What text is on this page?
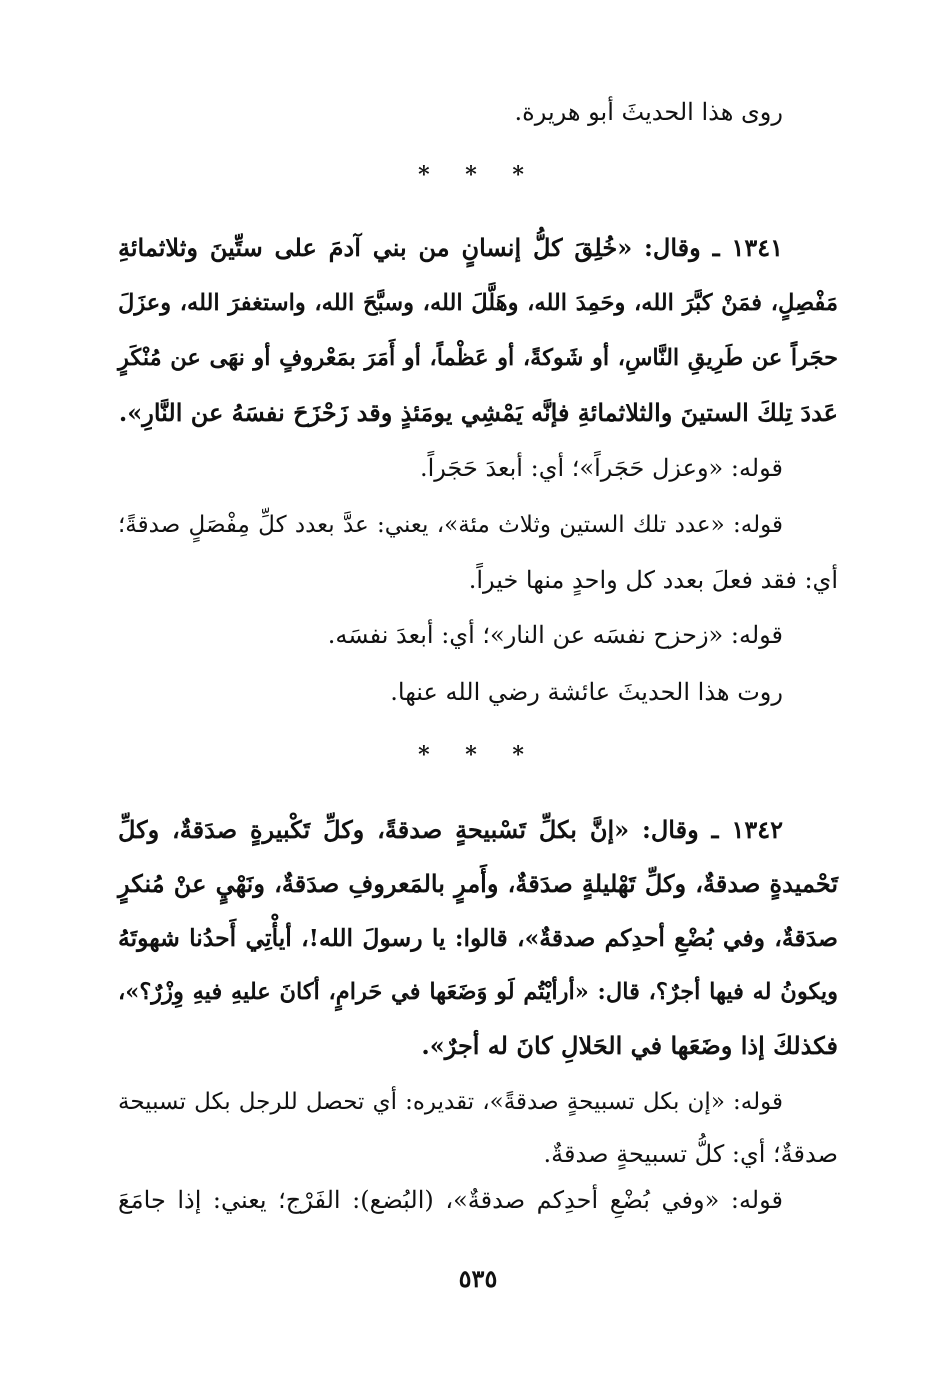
روى هذا الحديثَ أبو هريرة.
* * *
١٣٤١ ـ وقال: «خُلِقَ كلُّ إنسانٍ من بني آدمَ على ستِّينَ وثلاثمائةِ
مَفْصِلٍ، فمَنْ كبَّرَ الله، وحَمِدَ الله، وهَلَّلَ الله، وسبَّحَ الله، واستغفرَ الله، وعزَلَ
حجَراً عن طَرِيقِ النَّاسِ، أو شَوكةً، أو عَظْماً، أو أَمَرَ بمَعْروفٍ أو نهَى عن مُنْكَرٍ
عَددَ تِلكَ الستينَ والثلاثمائةِ فإنَّه يَمْشِي يومَئذٍ وقد زَحْزَحَ نفسَهُ عن النَّارِ».
قوله: «وعزل حَجَراً»؛ أي: أبعدَ حَجَراً.
قوله: «عدد تلك الستين وثلاث مئة»، يعني: عدَّ بعدد كلِّ مِفْصَلٍ صدقةً؛
أي: فقد فعلَ بعدد كل واحدٍ منها خيراً.
قوله: «زحزح نفسَه عن النار»؛ أي: أبعدَ نفسَه.
روت هذا الحديثَ عائشة رضي الله عنها.
* * *
١٣٤٢ ـ وقال: «إنَّ بكلِّ تَسْبيحةٍ صدقةً، وكلِّ تَكْبيرةٍ صدَقةٌ، وكلِّ
تَحْميدةٍ صدقةٌ، وكلِّ تَهْليلةٍ صدَقةٌ، وأَمرٍ بالمَعروفِ صدَقةٌ، ونَهْيٍ عنْ مُنكرٍ
صدَقةٌ، وفي بُضْعِ أحدِكم صدقةٌ»، قالوا: يا رسولَ الله!، أيأْتِي أَحدُنا شهوتَهُ
ويكونُ له فيها أجرٌ؟، قال: «أرأيْتُم لَو وَضَعَها في حَرامٍ، أكانَ عليهِ فيهِ وِزْرٌ؟»،
فكذلكَ إذا وضَعَها في الحَلالِ كانَ له أجرٌ».
قوله: «إن بكل تسبيحةٍ صدقةً»، تقديره: أي تحصل للرجل بكل تسبيحة
صدقةٌ؛ أي: كلُّ تسبيحةٍ صدقةٌ.
قوله: «وفي بُضْعِ أحدِكم صدقةٌ»، (البُضع): الفَرْج؛ يعني: إذا جامَعَ
٥٣٥
